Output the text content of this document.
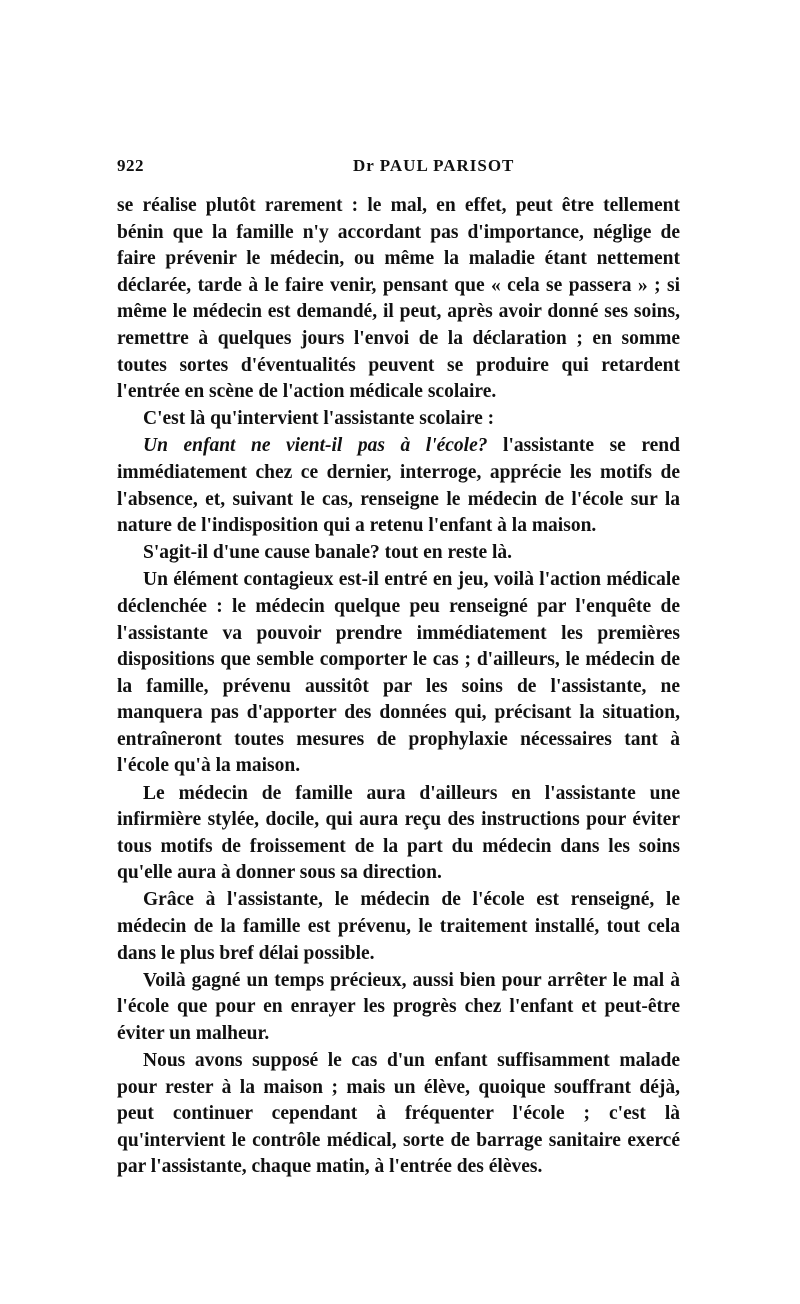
922	Dr PAUL PARISOT

se réalise plutôt rarement : le mal, en effet, peut être tellement bénin que la famille n'y accordant pas d'importance, néglige de faire prévenir le médecin, ou même la maladie étant nettement déclarée, tarde à le faire venir, pensant que « cela se passera » ; si même le médecin est demandé, il peut, après avoir donné ses soins, remettre à quelques jours l'envoi de la déclaration ; en somme toutes sortes d'éventualités peuvent se produire qui retardent l'entrée en scène de l'action médicale scolaire.

C'est là qu'intervient l'assistante scolaire :

Un enfant ne vient-il pas à l'école? l'assistante se rend immédiatement chez ce dernier, interroge, apprécie les motifs de l'absence, et, suivant le cas, renseigne le médecin de l'école sur la nature de l'indisposition qui a retenu l'enfant à la maison.

S'agit-il d'une cause banale? tout en reste là.

Un élément contagieux est-il entré en jeu, voilà l'action médicale déclenchée : le médecin quelque peu renseigné par l'enquête de l'assistante va pouvoir prendre immédiatement les premières dispositions que semble comporter le cas ; d'ailleurs, le médecin de la famille, prévenu aussitôt par les soins de l'assistante, ne manquera pas d'apporter des données qui, précisant la situation, entraîneront toutes mesures de prophylaxie nécessaires tant à l'école qu'à la maison.

Le médecin de famille aura d'ailleurs en l'assistante une infirmière stylée, docile, qui aura reçu des instructions pour éviter tous motifs de froissement de la part du médecin dans les soins qu'elle aura à donner sous sa direction.

Grâce à l'assistante, le médecin de l'école est renseigné, le médecin de la famille est prévenu, le traitement installé, tout cela dans le plus bref délai possible.

Voilà gagné un temps précieux, aussi bien pour arrêter le mal à l'école que pour en enrayer les progrès chez l'enfant et peut-être éviter un malheur.

Nous avons supposé le cas d'un enfant suffisamment malade pour rester à la maison ; mais un élève, quoique souffrant déjà, peut continuer cependant à fréquenter l'école ; c'est là qu'intervient le contrôle médical, sorte de barrage sanitaire exercé par l'assistante, chaque matin, à l'entrée des élèves.
